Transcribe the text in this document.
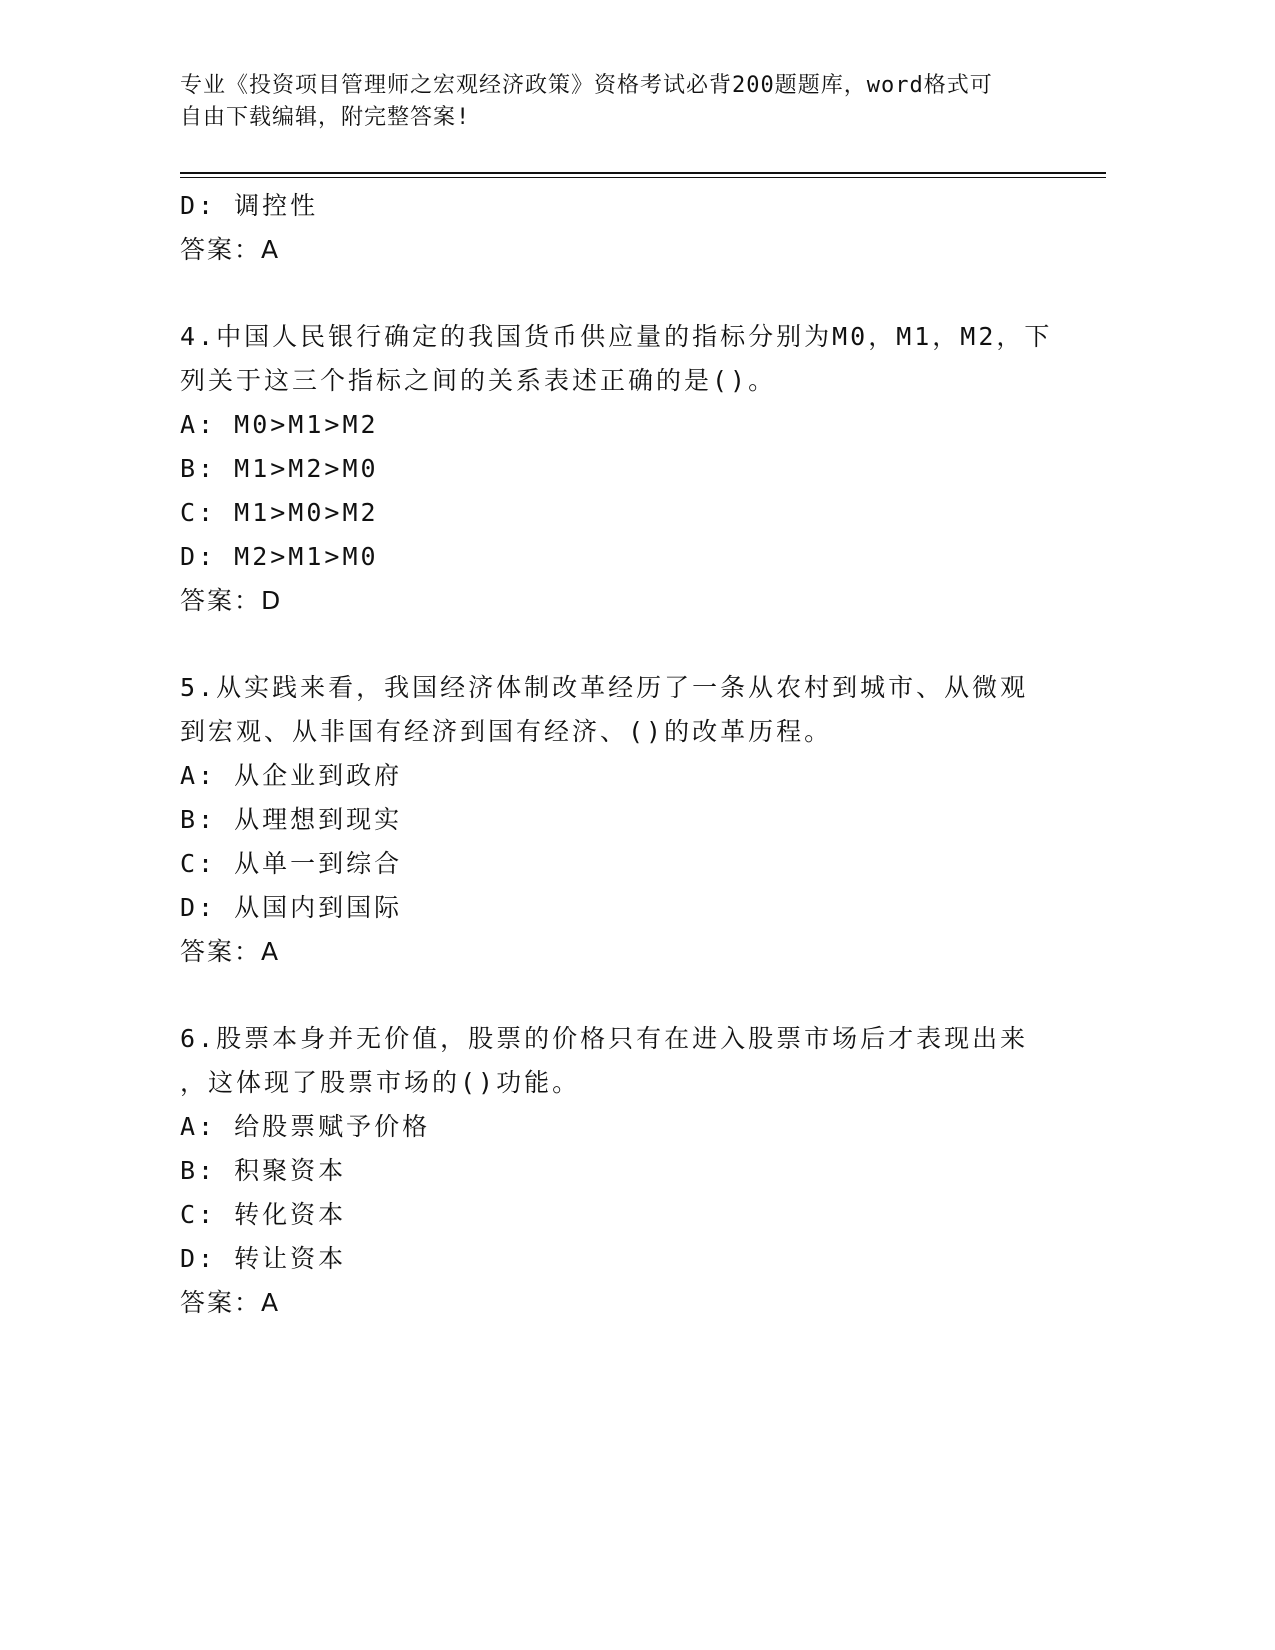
专业《投资项目管理师之宏观经济政策》资格考试必背200题题库，word格式可
自由下载编辑，附完整答案!
D: 调控性
答案：A
4.中国人民银行确定的我国货币供应量的指标分别为M0，M1，M2，下
列关于这三个指标之间的关系表述正确的是()。
A: M0>M1>M2
B: M1>M2>M0
C: M1>M0>M2
D: M2>M1>M0
答案：D
5.从实践来看，我国经济体制改革经历了一条从农村到城市、从微观
到宏观、从非国有经济到国有经济、()的改革历程。
A: 从企业到政府
B: 从理想到现实
C: 从单一到综合
D: 从国内到国际
答案：A
6.股票本身并无价值，股票的价格只有在进入股票市场后才表现出来
，这体现了股票市场的()功能。
A: 给股票赋予价格
B: 积聚资本
C: 转化资本
D: 转让资本
答案：A
